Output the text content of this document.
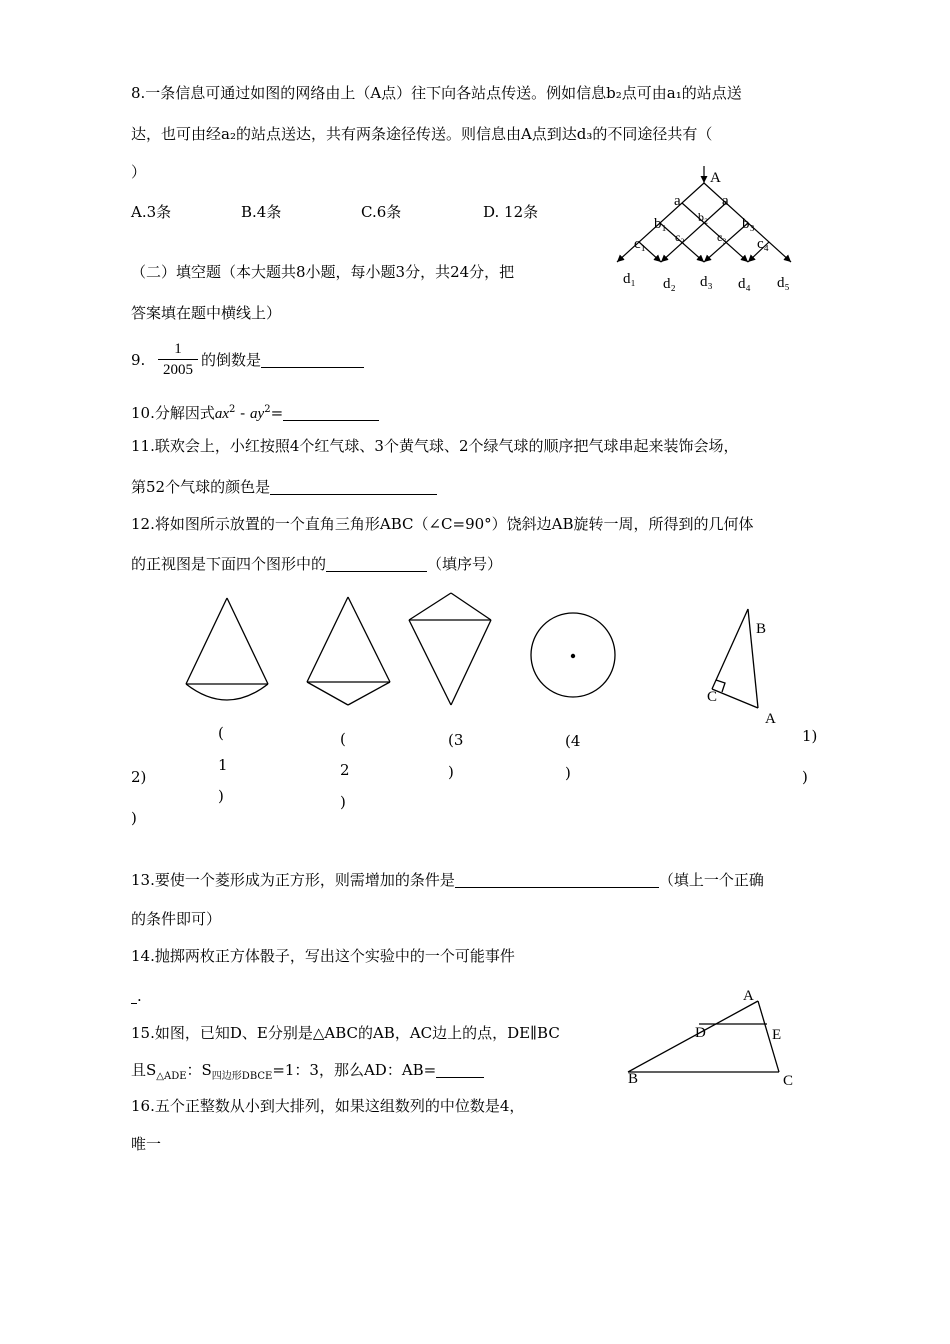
8.一条信息可通过如图的网络由上（A点）往下向各站点传送。例如信息b₂点可由a₁的站点送
达，也可由经a₂的站点送达，共有两条途径传送。则信息由A点到达d₃的不同途径共有（
）
A.3条	B.4条	C.6条	D. 12条
A
a	a
b₁	b₂ b₃
c₁ c₂	c₃ c₄
d₁ d₂ d₃ d₄ d₅
（二）填空题（本大题共8小题，每小题3分，共24分，把
答案填在题中横线上）
9.
1
2005
的倒数是
10.分解因式$ax^2 - ay^2=$
11.联欢会上，小红按照4个红气球、3个黄气球、2个绿气球的顺序把气球串起来装饰会场，
第52个气球的颜色是
12.将如图所示放置的一个直角三角形ABC（∠C=90°）饶斜边AB旋转一周，所得到的几何体
的正视图是下面四个图形中的	（填序号）
B
C
A
(
1
)
(
2
)
(3
)
(4
)
2)
)
1)
)
13.要使一个菱形成为正方形，则需增加的条件是	（填上一个正确
的条件即可）
14.抛掷两枚正方体骰子，写出这个实验中的一个可能事件
.
15.如图，已知D、E分别是△ABC的AB，AC边上的点，DE∥BC
且$S_{\triangle ADE}$：$S_{四边形DBCE}=1$：3，那么AD：AB=
A
D	E
B	C
16.五个正整数从小到大排列，如果这组数列的中位数是4，
唯一
